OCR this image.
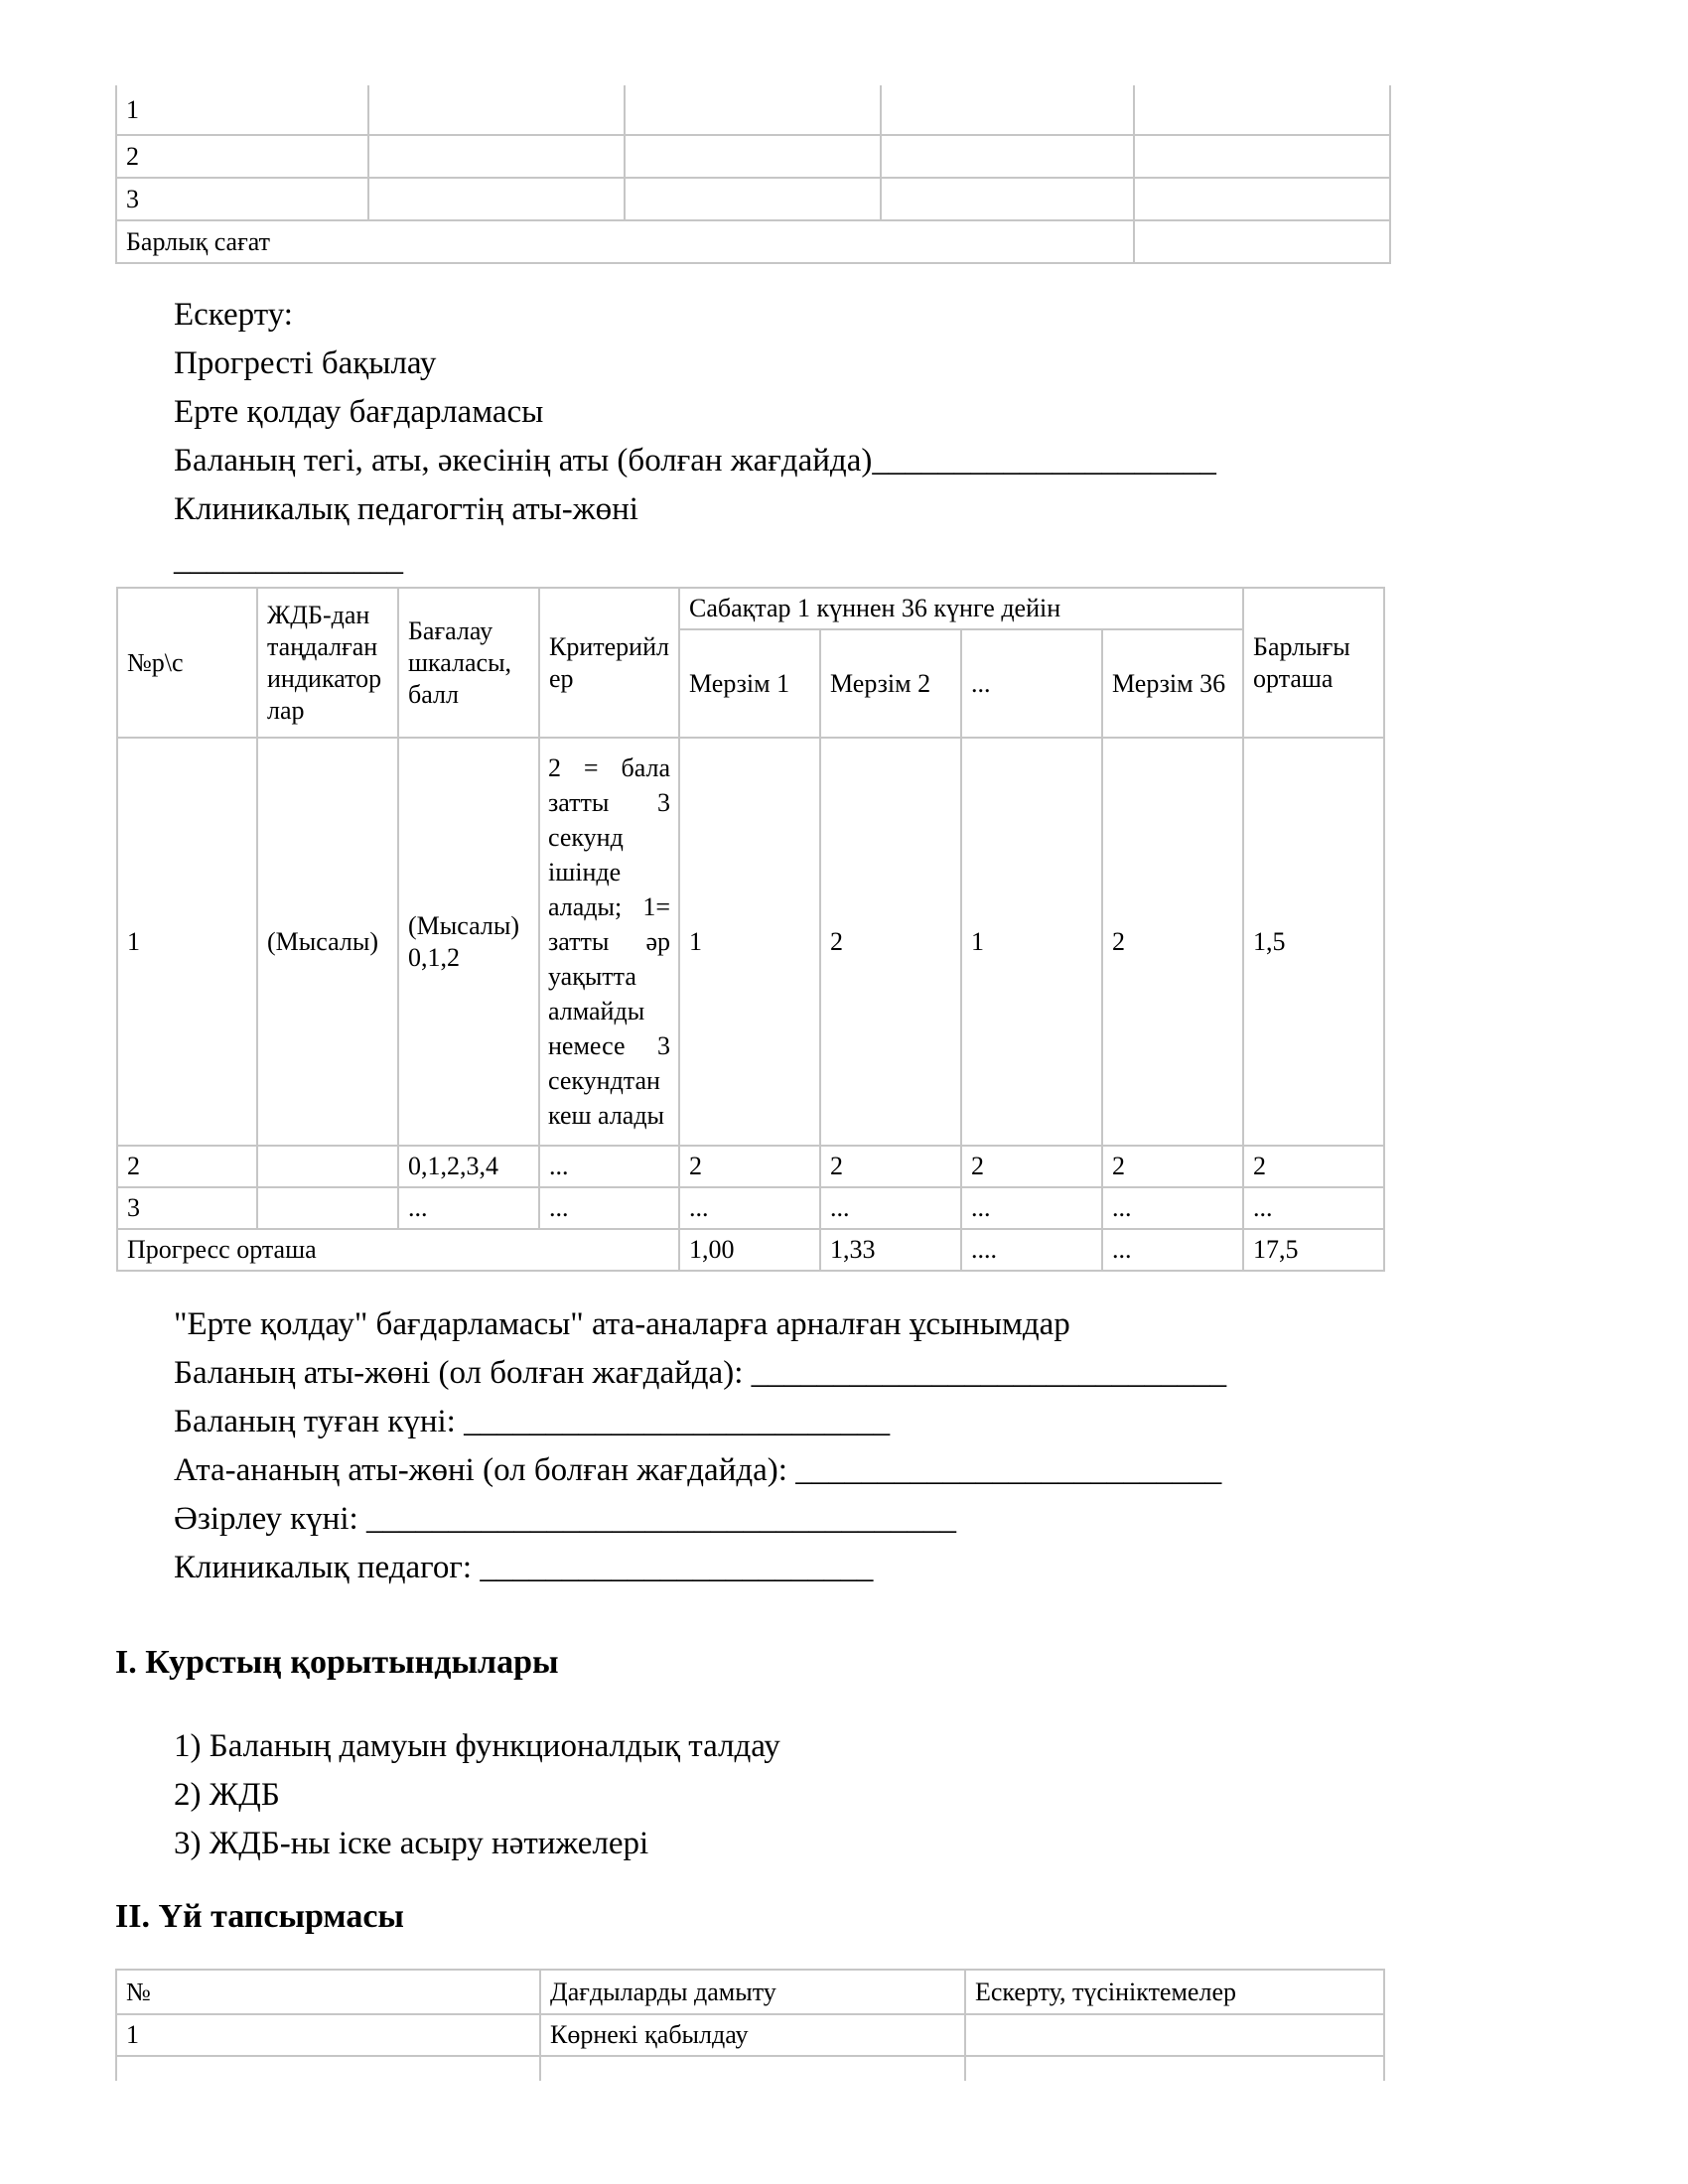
1				
2				
3				
Барлық сағат				
Ескерту:
Прогресті бақылау
Ерте қолдау бағдарламасы
Баланың тегі, аты, әкесінің аты (болған жағдайда)_____________________
Клиникалық педагогтің аты-жөні
______________
№р\с	ЖДБ-дан таңдалған индикаторлар	Бағалау шкаласы, балл	Критерийлер	Сабақтар 1 күннен 36 күнге дейін				Барлығы орташа
				Мерзім 1	Мерзім 2	...	Мерзім 36	
1	(Мысалы)	(Мысалы) 0,1,2	2 = бала затты 3 секунд ішінде алады; 1= затты әр уақытта алмайды немесе 3 секундтан кеш алады	1	2	1	2	1,5
2		0,1,2,3,4	...	2	2	2	2	2
3		...	...	...	...	...	...	...
Прогресс орташа				1,00	1,33	....	...	17,5
"Ерте қолдау" бағдарламасы" ата-аналарға арналған ұсынымдар
Баланың аты-жөні (ол болған жағдайда): _____________________________
Баланың туған күні: __________________________
Ата-ананың аты-жөні (ол болған жағдайда): __________________________
Әзірлеу күні: ____________________________________
Клиникалық педагог: ________________________
I. Курстың қорытындылары
1) Баланың дамуын функционалдық талдау
2) ЖДБ
3) ЖДБ-ны іске асыру нәтижелері
II. Үй тапсырмасы
№	Дағдыларды дамыту	Ескерту, түсініктемелер
1	Көрнекі қабылдау	
